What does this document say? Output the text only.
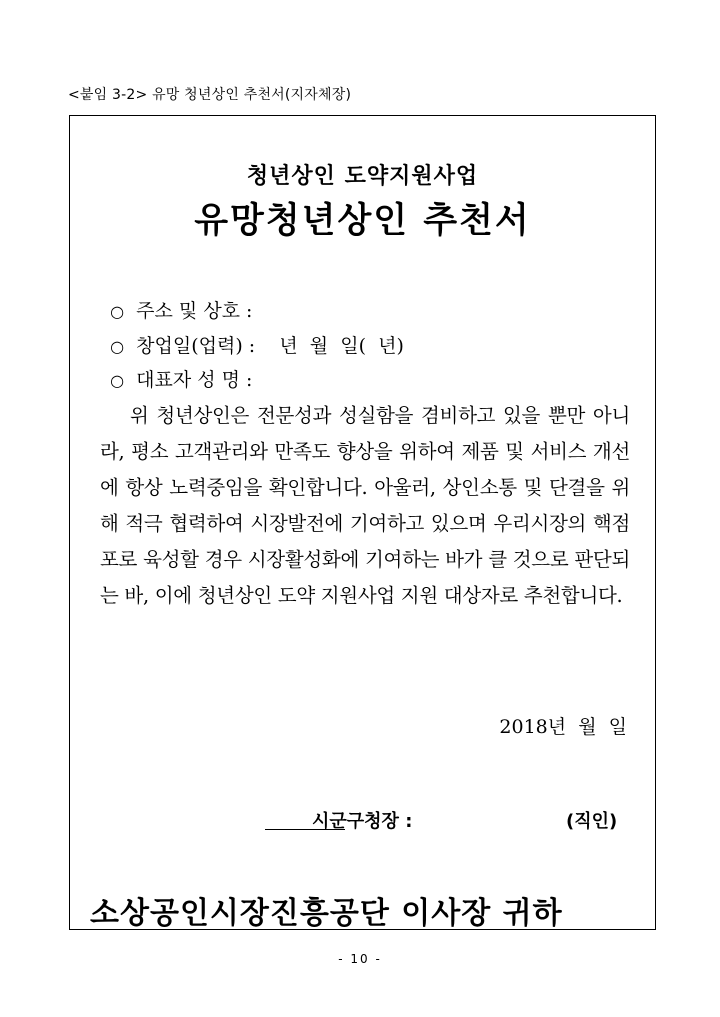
<붙임 3-2> 유망 청년상인 추천서(지자체장)
청년상인 도약지원사업
유망청년상인 추천서

○ 주소 및 상호 :

○ 창업일(업력) :    년  월  일(  년)

○ 대표자 성 명 :

위 청년상인은 전문성과 성실함을 겸비하고 있을 뿐만 아니라, 평소 고객관리와 만족도 향상을 위하여 제품 및 서비스 개선에 항상 노력중임을 확인합니다. 아울러, 상인소통 및 단결을 위해 적극 협력하여 시장발전에 기여하고 있으며 우리시장의 핵점포로 육성할 경우 시장활성화에 기여하는 바가 클 것으로 판단되는 바, 이에 청년상인 도약 지원사업 지원 대상자로 추천합니다.

2018년  월  일
시군구청장 :	(직인)
소상공인시장진흥공단 이사장 귀하
- 10 -
